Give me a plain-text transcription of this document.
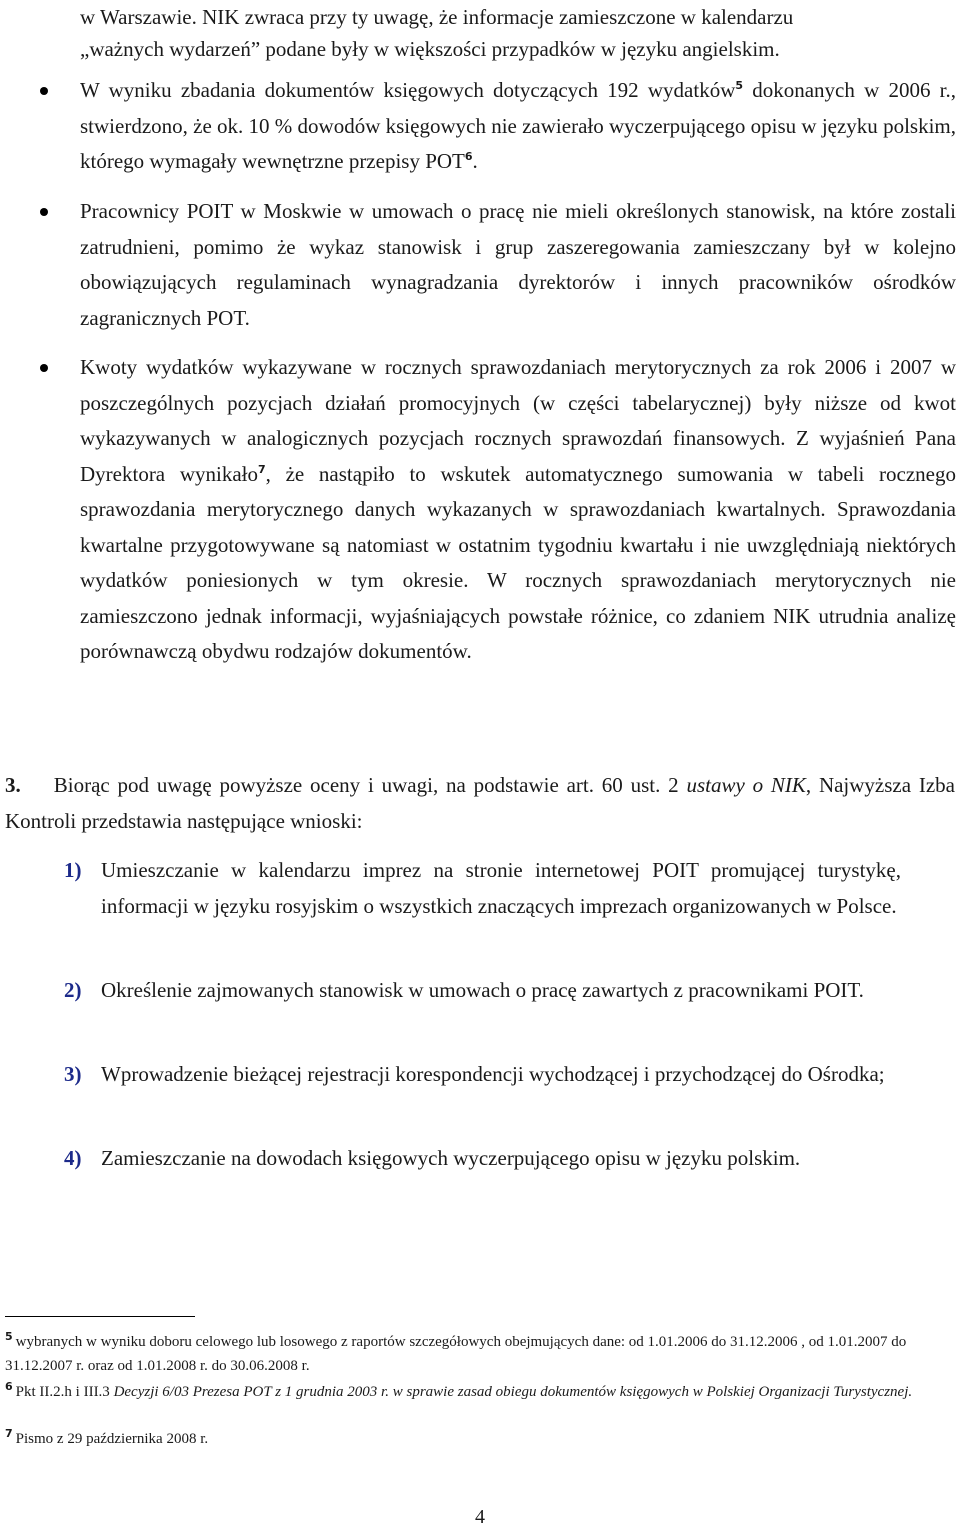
w Warszawie. NIK zwraca przy ty uwagę, że informacje zamieszczone w kalendarzu
„ważnych wydarzeń” podane były w większości przypadków w języku angielskim.
W wyniku zbadania dokumentów księgowych dotyczących 192 wydatków$^5$ dokonanych w 2006 r., stwierdzono, że ok. 10 % dowodów księgowych nie zawierało wyczerpującego opisu w języku polskim, którego wymagały wewnętrzne przepisy POT$^6$.
Pracownicy POIT w Moskwie w umowach o pracę nie mieli określonych stanowisk, na które zostali zatrudnieni, pomimo że wykaz stanowisk i grup zaszeregowania zamieszczany był w kolejno obowiązujących regulaminach wynagradzania dyrektorów i innych pracowników ośrodków zagranicznych POT.
Kwoty wydatków wykazywane w rocznych sprawozdaniach merytorycznych za rok 2006 i 2007 w poszczególnych pozycjach działań promocyjnych (w części tabelarycznej) były niższe od kwot wykazywanych w analogicznych pozycjach rocznych sprawozdań finansowych. Z wyjaśnień Pana Dyrektora wynikało$^7$, że nastąpiło to wskutek automatycznego sumowania w tabeli rocznego sprawozdania merytorycznego danych wykazanych w sprawozdaniach kwartalnych. Sprawozdania kwartalne przygotowywane są natomiast w ostatnim tygodniu kwartału i nie uwzględniają niektórych wydatków poniesionych w tym okresie. W rocznych sprawozdaniach merytorycznych nie zamieszczono jednak informacji, wyjaśniających powstałe różnice, co zdaniem NIK utrudnia analizę porównawczą obydwu rodzajów dokumentów.
3. Biorąc pod uwagę powyższe oceny i uwagi, na podstawie art. 60 ust. 2 ustawy o NIK, Najwyższa Izba Kontroli przedstawia następujące wnioski:
1) Umieszczanie w kalendarzu imprez na stronie internetowej POIT promującej turystykę, informacji w języku rosyjskim o wszystkich znaczących imprezach organizowanych w Polsce.
2) Określenie zajmowanych stanowisk w umowach o pracę zawartych z pracownikami POIT.
3) Wprowadzenie bieżącej rejestracji korespondencji wychodzącej i przychodzącej do Ośrodka;
4) Zamieszczanie na dowodach księgowych wyczerpującego opisu w języku polskim.
$^5$ wybranych w wyniku doboru celowego lub losowego z raportów szczegółowych obejmujących dane: od 1.01.2006 do 31.12.2006 , od 1.01.2007 do 31.12.2007 r. oraz od 1.01.2008 r. do 30.06.2008 r.
$^6$ Pkt II.2.h i III.3 Decyzji 6/03 Prezesa POT z 1 grudnia 2003 r. w sprawie zasad obiegu dokumentów księgowych w Polskiej Organizacji Turystycznej.
$^7$ Pismo z 29 października 2008 r.
4
